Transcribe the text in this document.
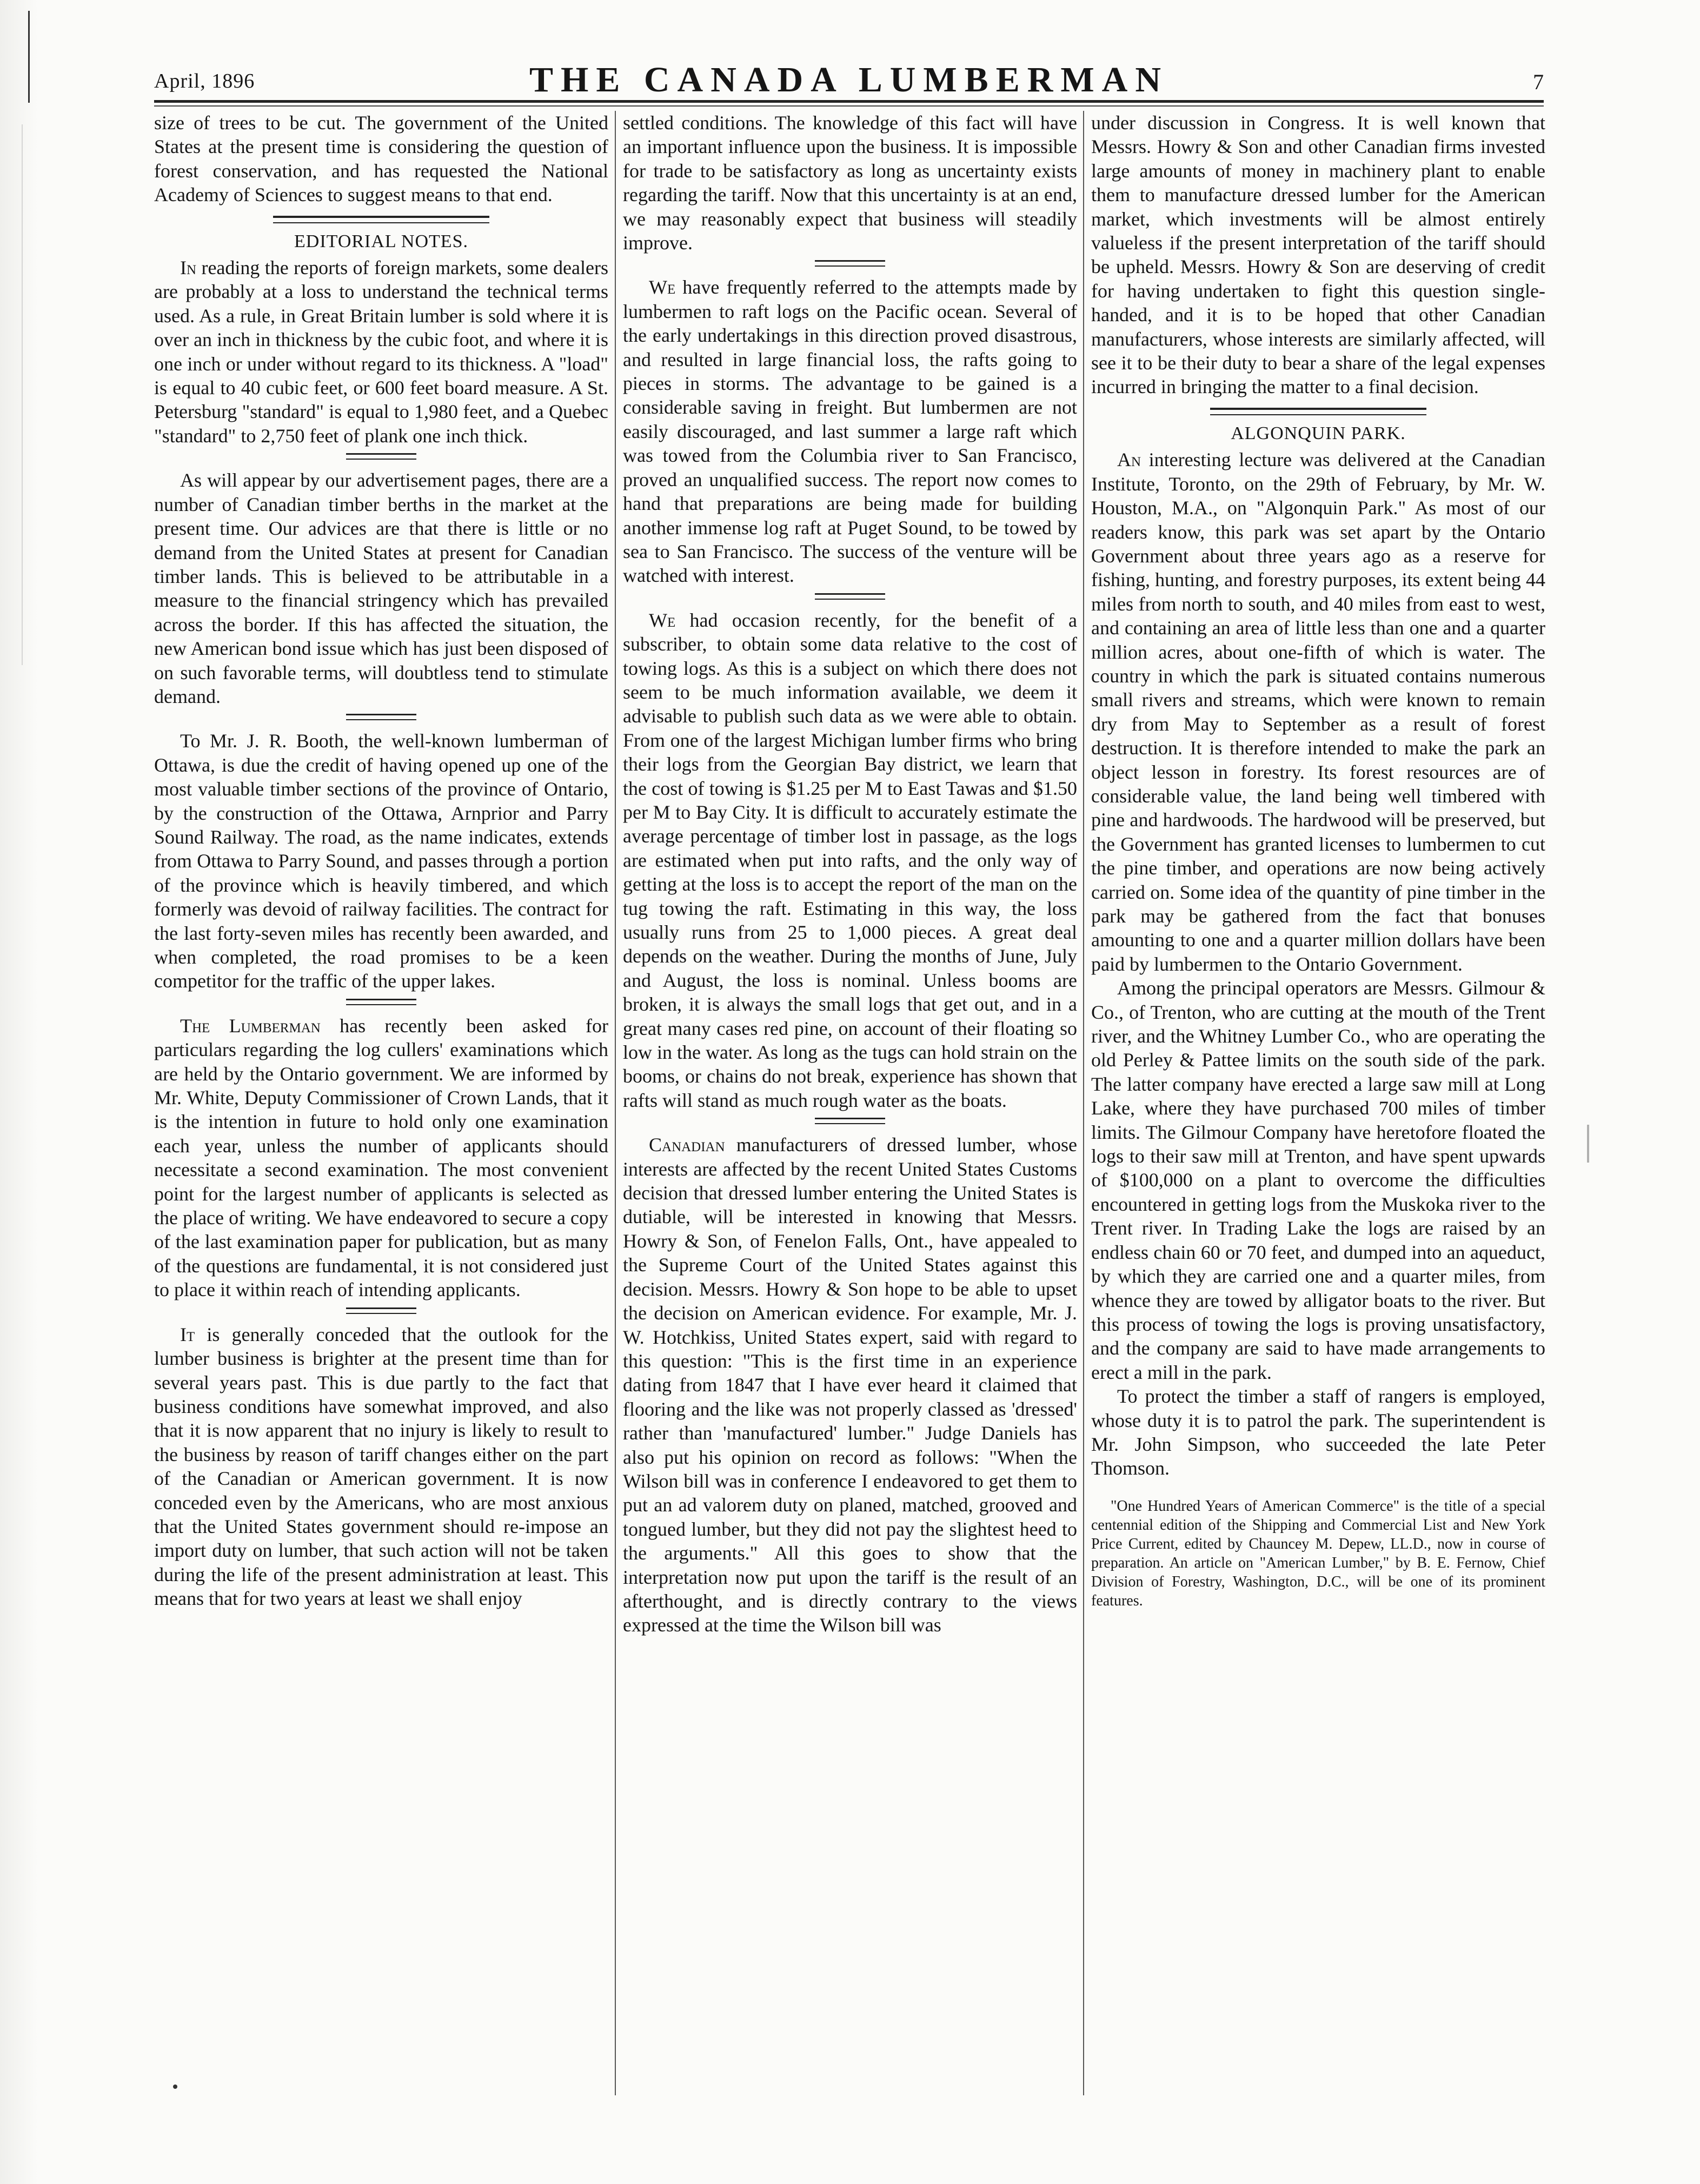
April, 1896	THE CANADA LUMBERMAN	7

size of trees to be cut. The government of the United States at the present time is considering the question of forest conservation, and has requested the National Academy of Sciences to suggest means to that end.

EDITORIAL NOTES.

In reading the reports of foreign markets, some dealers are probably at a loss to understand the technical terms used. As a rule, in Great Britain lumber is sold where it is over an inch in thickness by the cubic foot, and where it is one inch or under without regard to its thickness. A "load" is equal to 40 cubic feet, or 600 feet board measure. A St. Petersburg "standard" is equal to 1,980 feet, and a Quebec "standard" to 2,750 feet of plank one inch thick.

As will appear by our advertisement pages, there are a number of Canadian timber berths in the market at the present time. Our advices are that there is little or no demand from the United States at present for Canadian timber lands. This is believed to be attributable in a measure to the financial stringency which has prevailed across the border. If this has affected the situation, the new American bond issue which has just been disposed of on such favorable terms, will doubtless tend to stimulate demand.

To Mr. J. R. Booth, the well-known lumberman of Ottawa, is due the credit of having opened up one of the most valuable timber sections of the province of Ontario, by the construction of the Ottawa, Arnprior and Parry Sound Railway. The road, as the name indicates, extends from Ottawa to Parry Sound, and passes through a portion of the province which is heavily timbered, and which formerly was devoid of railway facilities. The contract for the last forty-seven miles has recently been awarded, and when completed, the road promises to be a keen competitor for the traffic of the upper lakes.

The Lumberman has recently been asked for particulars regarding the log cullers' examinations which are held by the Ontario government. We are informed by Mr. White, Deputy Commissioner of Crown Lands, that it is the intention in future to hold only one examination each year, unless the number of applicants should necessitate a second examination. The most convenient point for the largest number of applicants is selected as the place of writing. We have endeavored to secure a copy of the last examination paper for publication, but as many of the questions are fundamental, it is not considered just to place it within reach of intending applicants.

It is generally conceded that the outlook for the lumber business is brighter at the present time than for several years past. This is due partly to the fact that business conditions have somewhat improved, and also that it is now apparent that no injury is likely to result to the business by reason of tariff changes either on the part of the Canadian or American government. It is now conceded even by the Americans, who are most anxious that the United States government should re-impose an import duty on lumber, that such action will not be taken during the life of the present administration at least. This means that for two years at least we shall enjoy

settled conditions. The knowledge of this fact will have an important influence upon the business. It is impossible for trade to be satisfactory as long as uncertainty exists regarding the tariff. Now that this uncertainty is at an end, we may reasonably expect that business will steadily improve.

We have frequently referred to the attempts made by lumbermen to raft logs on the Pacific ocean. Several of the early undertakings in this direction proved disastrous, and resulted in large financial loss, the rafts going to pieces in storms. The advantage to be gained is a considerable saving in freight. But lumbermen are not easily discouraged, and last summer a large raft which was towed from the Columbia river to San Francisco, proved an unqualified success. The report now comes to hand that preparations are being made for building another immense log raft at Puget Sound, to be towed by sea to San Francisco. The success of the venture will be watched with interest.

We had occasion recently, for the benefit of a subscriber, to obtain some data relative to the cost of towing logs. As this is a subject on which there does not seem to be much information available, we deem it advisable to publish such data as we were able to obtain. From one of the largest Michigan lumber firms who bring their logs from the Georgian Bay district, we learn that the cost of towing is $1.25 per M to East Tawas and $1.50 per M to Bay City. It is difficult to accurately estimate the average percentage of timber lost in passage, as the logs are estimated when put into rafts, and the only way of getting at the loss is to accept the report of the man on the tug towing the raft. Estimating in this way, the loss usually runs from 25 to 1,000 pieces. A great deal depends on the weather. During the months of June, July and August, the loss is nominal. Unless booms are broken, it is always the small logs that get out, and in a great many cases red pine, on account of their floating so low in the water. As long as the tugs can hold strain on the booms, or chains do not break, experience has shown that rafts will stand as much rough water as the boats.

Canadian manufacturers of dressed lumber, whose interests are affected by the recent United States Customs decision that dressed lumber entering the United States is dutiable, will be interested in knowing that Messrs. Howry & Son, of Fenelon Falls, Ont., have appealed to the Supreme Court of the United States against this decision. Messrs. Howry & Son hope to be able to upset the decision on American evidence. For example, Mr. J. W. Hotchkiss, United States expert, said with regard to this question: "This is the first time in an experience dating from 1847 that I have ever heard it claimed that flooring and the like was not properly classed as 'dressed' rather than 'manufactured' lumber." Judge Daniels has also put his opinion on record as follows: "When the Wilson bill was in conference I endeavored to get them to put an ad valorem duty on planed, matched, grooved and tongued lumber, but they did not pay the slightest heed to the arguments." All this goes to show that the interpretation now put upon the tariff is the result of an afterthought, and is directly contrary to the views expressed at the time the Wilson bill was

under discussion in Congress. It is well known that Messrs. Howry & Son and other Canadian firms invested large amounts of money in machinery plant to enable them to manufacture dressed lumber for the American market, which investments will be almost entirely valueless if the present interpretation of the tariff should be upheld. Messrs. Howry & Son are deserving of credit for having undertaken to fight this question single-handed, and it is to be hoped that other Canadian manufacturers, whose interests are similarly affected, will see it to be their duty to bear a share of the legal expenses incurred in bringing the matter to a final decision.

ALGONQUIN PARK.

An interesting lecture was delivered at the Canadian Institute, Toronto, on the 29th of February, by Mr. W. Houston, M.A., on "Algonquin Park." As most of our readers know, this park was set apart by the Ontario Government about three years ago as a reserve for fishing, hunting, and forestry purposes, its extent being 44 miles from north to south, and 40 miles from east to west, and containing an area of little less than one and a quarter million acres, about one-fifth of which is water. The country in which the park is situated contains numerous small rivers and streams, which were known to remain dry from May to September as a result of forest destruction. It is therefore intended to make the park an object lesson in forestry. Its forest resources are of considerable value, the land being well timbered with pine and hardwoods. The hardwood will be preserved, but the Government has granted licenses to lumbermen to cut the pine timber, and operations are now being actively carried on. Some idea of the quantity of pine timber in the park may be gathered from the fact that bonuses amounting to one and a quarter million dollars have been paid by lumbermen to the Ontario Government.

Among the principal operators are Messrs. Gilmour & Co., of Trenton, who are cutting at the mouth of the Trent river, and the Whitney Lumber Co., who are operating the old Perley & Pattee limits on the south side of the park. The latter company have erected a large saw mill at Long Lake, where they have purchased 700 miles of timber limits. The Gilmour Company have heretofore floated the logs to their saw mill at Trenton, and have spent upwards of $100,000 on a plant to overcome the difficulties encountered in getting logs from the Muskoka river to the Trent river. In Trading Lake the logs are raised by an endless chain 60 or 70 feet, and dumped into an aqueduct, by which they are carried one and a quarter miles, from whence they are towed by alligator boats to the river. But this process of towing the logs is proving unsatisfactory, and the company are said to have made arrangements to erect a mill in the park.

To protect the timber a staff of rangers is employed, whose duty it is to patrol the park. The superintendent is Mr. John Simpson, who succeeded the late Peter Thomson.

"One Hundred Years of American Commerce" is the title of a special centennial edition of the Shipping and Commercial List and New York Price Current, edited by Chauncey M. Depew, LL.D., now in course of preparation. An article on "American Lumber," by B. E. Fernow, Chief Division of Forestry, Washington, D.C., will be one of its prominent features.
